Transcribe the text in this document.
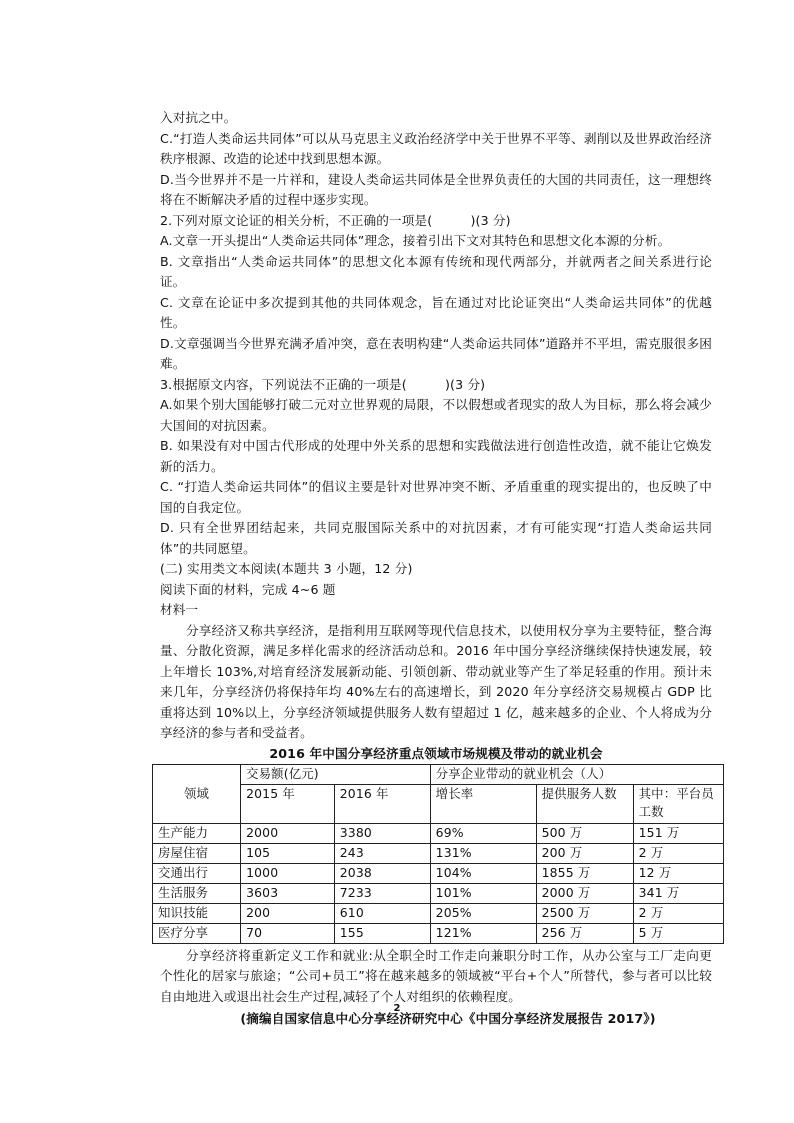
入对抗之中。

C.“打造人类命运共同体”可以从马克思主义政治经济学中关于世界不平等、剥削以及世界政治经济秩序根源、改造的论述中找到思想本源。

D.当今世界并不是一片祥和，建设人类命运共同体是全世界负责任的大国的共同责任，这一理想终将在不断解决矛盾的过程中逐步实现。

2.下列对原文论证的相关分析，不正确的一项是(　　　)(3 分)

A.文章一开头提出“人类命运共同体”理念，接着引出下文对其特色和思想文化本源的分析。

B. 文章指出“人类命运共同体”的思想文化本源有传统和现代两部分，并就两者之间关系进行论证。

C. 文章在论证中多次提到其他的共同体观念，旨在通过对比论证突出“人类命运共同体”的优越性。

D.文章强调当今世界充满矛盾冲突，意在表明构建“人类命运共同体”道路并不平坦，需克服很多困难。

3.根据原文内容，下列说法不正确的一项是(　　　)(3 分)

A.如果个别大国能够打破二元对立世界观的局限，不以假想或者现实的敌人为目标，那么将会减少大国间的对抗因素。

B. 如果没有对中国古代形成的处理中外关系的思想和实践做法进行创造性改造，就不能让它焕发新的活力。

C. “打造人类命运共同体”的倡议主要是针对世界冲突不断、矛盾重重的现实提出的，也反映了中国的自我定位。

D. 只有全世界团结起来，共同克服国际关系中的对抗因素，才有可能实现“打造人类命运共同体”的共同愿望。

(二) 实用类文本阅读(本题共 3 小题，12 分)

阅读下面的材料，完成 4~6 题

材料一

分享经济又称共享经济，是指利用互联网等现代信息技术，以使用权分享为主要特征，整合海量、分散化资源，满足多样化需求的经济活动总和。2016 年中国分享经济继续保持快速发展，较上年增长 103%,对培育经济发展新动能、引领创新、带动就业等产生了举足轻重的作用。预计未来几年，分享经济仍将保持年均 40%左右的高速增长，到 2020 年分享经济交易规模占 GDP 比重将达到 10%以上，分享经济领域提供服务人数有望超过 1 亿，越来越多的企业、个人将成为分享经济的参与者和受益者。

2016 年中国分享经济重点领域市场规模及带动的就业机会

领域	交易额(亿元)		分享企业带动的就业机会（人）		
	2015 年	2016 年	增长率	提供服务人数	其中：平台员工数
生产能力	2000	3380	69%	500 万	151 万
房屋住宿	105	243	131%	200 万	2 万
交通出行	1000	2038	104%	1855 万	12 万
生活服务	3603	7233	101%	2000 万	341 万
知识技能	200	610	205%	2500 万	2 万
医疗分享	70	155	121%	256 万	5 万

分享经济将重新定义工作和就业:从全职全时工作走向兼职分时工作，从办公室与工厂走向更个性化的居家与旅途；“公司+员工”将在越来越多的领域被“平台+个人”所替代，参与者可以比较自由地进入或退出社会生产过程,减轻了个人对组织的依赖程度。

(摘编自国家信息中心分享经济研究中心《中国分享经济发展报告 2017》)

2
